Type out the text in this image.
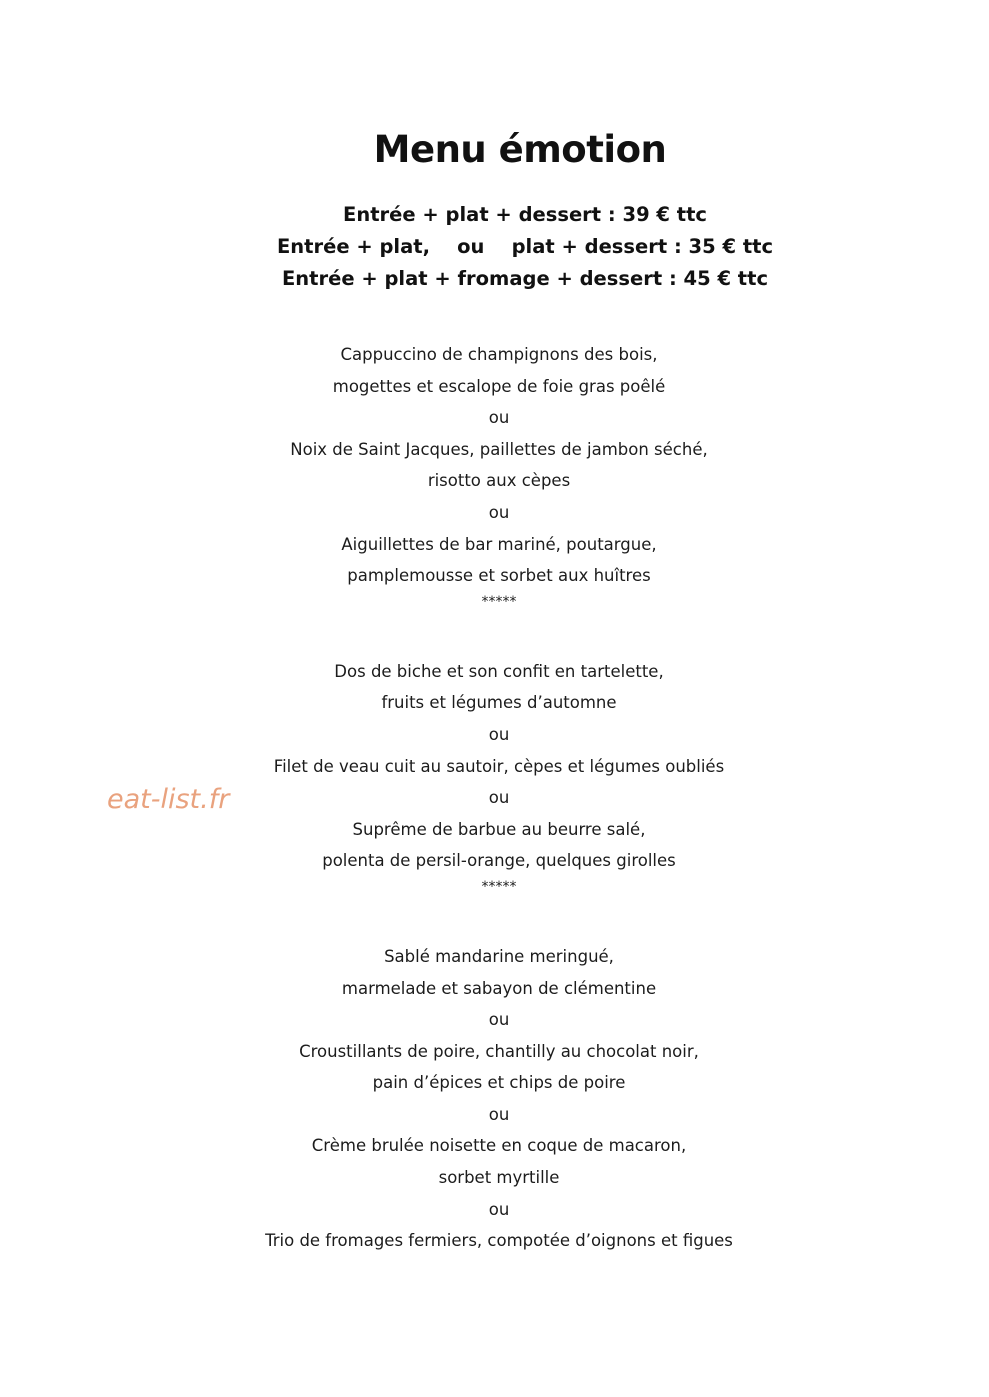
Menu émotion
Entrée + plat + dessert : 39 € ttc
Entrée + plat,    ou    plat + dessert : 35 € ttc
Entrée + plat + fromage + dessert : 45 € ttc
Cappuccino de champignons des bois,
mogettes et escalope de foie gras poêlé
ou
Noix de Saint Jacques, paillettes de jambon séché,
risotto aux cèpes
ou
Aiguillettes de bar mariné, poutargue,
pamplemousse et sorbet aux huîtres
*****
Dos de biche et son confit en tartelette,
fruits et légumes d’automne
ou
Filet de veau cuit au sautoir, cèpes et légumes oubliés
ou
Suprême de barbue au beurre salé,
polenta de persil-orange, quelques girolles
*****
Sablé mandarine meringué,
marmelade et sabayon de clémentine
ou
Croustillants de poire, chantilly au chocolat noir,
pain d’épices et chips de poire
ou
Crème brulée noisette en coque de macaron,
sorbet myrtille
ou
Trio de fromages fermiers, compotée d’oignons et figues
eat-list.fr
